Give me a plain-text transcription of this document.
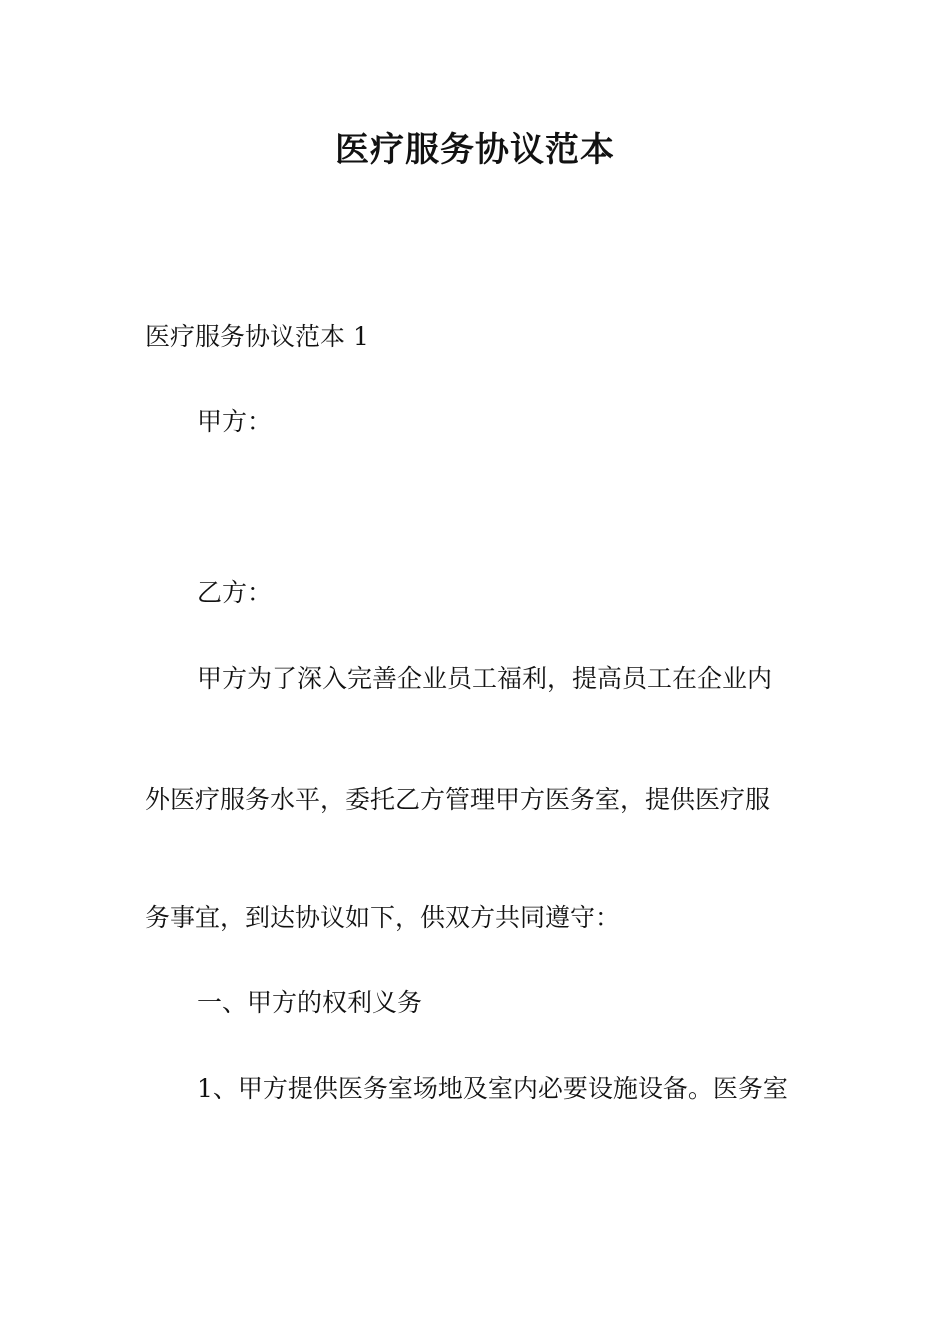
医疗服务协议范本

医疗服务协议范本 1

甲方：

乙方：

甲方为了深入完善企业员工福利，提高员工在企业内

外医疗服务水平，委托乙方管理甲方医务室，提供医疗服

务事宜，到达协议如下，供双方共同遵守：

一、甲方的权利义务

1、甲方提供医务室场地及室内必要设施设备。医务室
